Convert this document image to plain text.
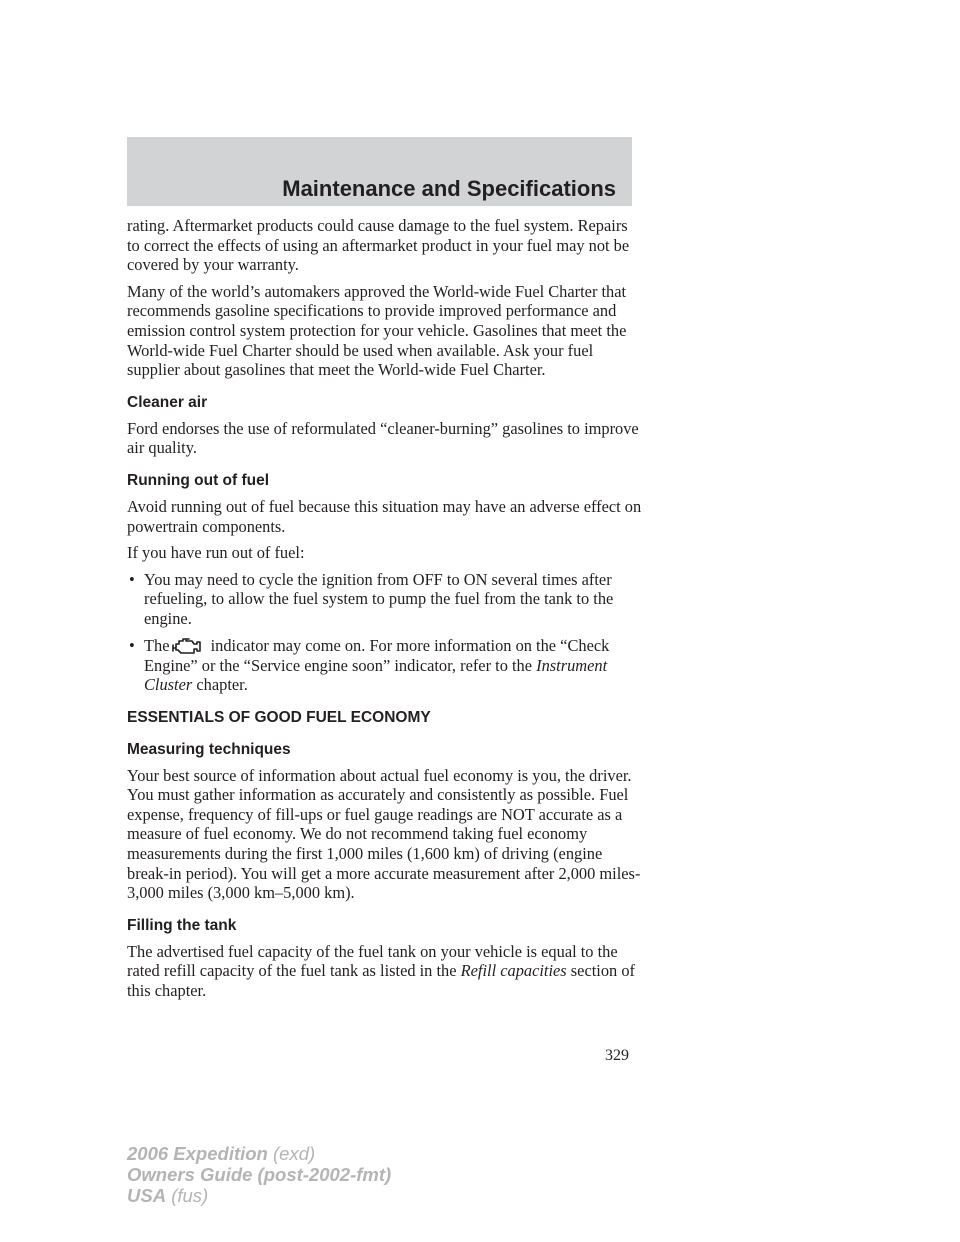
Maintenance and Specifications

rating. Aftermarket products could cause damage to the fuel system. Repairs to correct the effects of using an aftermarket product in your fuel may not be covered by your warranty.

Many of the world’s automakers approved the World-wide Fuel Charter that recommends gasoline specifications to provide improved performance and emission control system protection for your vehicle. Gasolines that meet the World-wide Fuel Charter should be used when available. Ask your fuel supplier about gasolines that meet the World-wide Fuel Charter.

Cleaner air

Ford endorses the use of reformulated “cleaner-burning” gasolines to improve air quality.

Running out of fuel

Avoid running out of fuel because this situation may have an adverse effect on powertrain components.

If you have run out of fuel:

• You may need to cycle the ignition from OFF to ON several times after refueling, to allow the fuel system to pump the fuel from the tank to the engine.
• The	indicator may come on. For more information on the “Check Engine” or the “Service engine soon” indicator, refer to the Instrument Cluster chapter.
ESSENTIALS OF GOOD FUEL ECONOMY
Measuring techniques

Your best source of information about actual fuel economy is you, the driver. You must gather information as accurately and consistently as possible. Fuel expense, frequency of fill-ups or fuel gauge readings are NOT accurate as a measure of fuel economy. We do not recommend taking fuel economy measurements during the first 1,000 miles (1,600 km) of driving (engine break-in period). You will get a more accurate measurement after 2,000 miles-3,000 miles (3,000 km–5,000 km).

Filling the tank

The advertised fuel capacity of the fuel tank on your vehicle is equal to the rated refill capacity of the fuel tank as listed in the Refill capacities section of this chapter.

329
2006 Expedition (exd)
Owners Guide (post-2002-fmt)
USA (fus)
